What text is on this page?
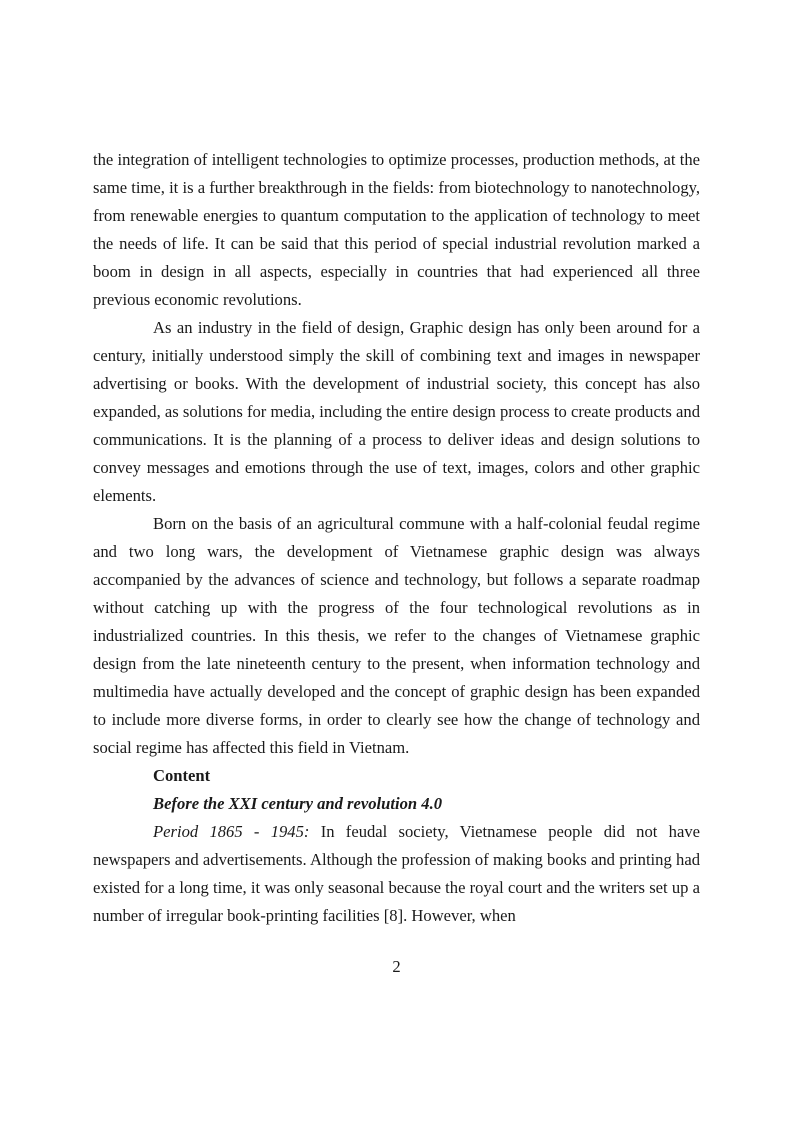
the integration of intelligent technologies to optimize processes, production methods, at the same time, it is a further breakthrough in the fields: from biotechnology to nanotechnology, from renewable energies to quantum computation to the application of technology to meet the needs of life. It can be said that this period of special industrial revolution marked a boom in design in all aspects, especially in countries that had experienced all three previous economic revolutions.

As an industry in the field of design, Graphic design has only been around for a century, initially understood simply the skill of combining text and images in newspaper advertising or books. With the development of industrial society, this concept has also expanded, as solutions for media, including the entire design process to create products and communications. It is the planning of a process to deliver ideas and design solutions to convey messages and emotions through the use of text, images, colors and other graphic elements.

Born on the basis of an agricultural commune with a half-colonial feudal regime and two long wars, the development of Vietnamese graphic design was always accompanied by the advances of science and technology, but follows a separate roadmap without catching up with the progress of the four technological revolutions as in industrialized countries. In this thesis, we refer to the changes of Vietnamese graphic design from the late nineteenth century to the present, when information technology and multimedia have actually developed and the concept of graphic design has been expanded to include more diverse forms, in order to clearly see how the change of technology and social regime has affected this field in Vietnam.

Content

Before the XXI century and revolution 4.0

Period 1865 - 1945: In feudal society, Vietnamese people did not have newspapers and advertisements. Although the profession of making books and printing had existed for a long time, it was only seasonal because the royal court and the writers set up a number of irregular book-printing facilities [8]. However, when

2
